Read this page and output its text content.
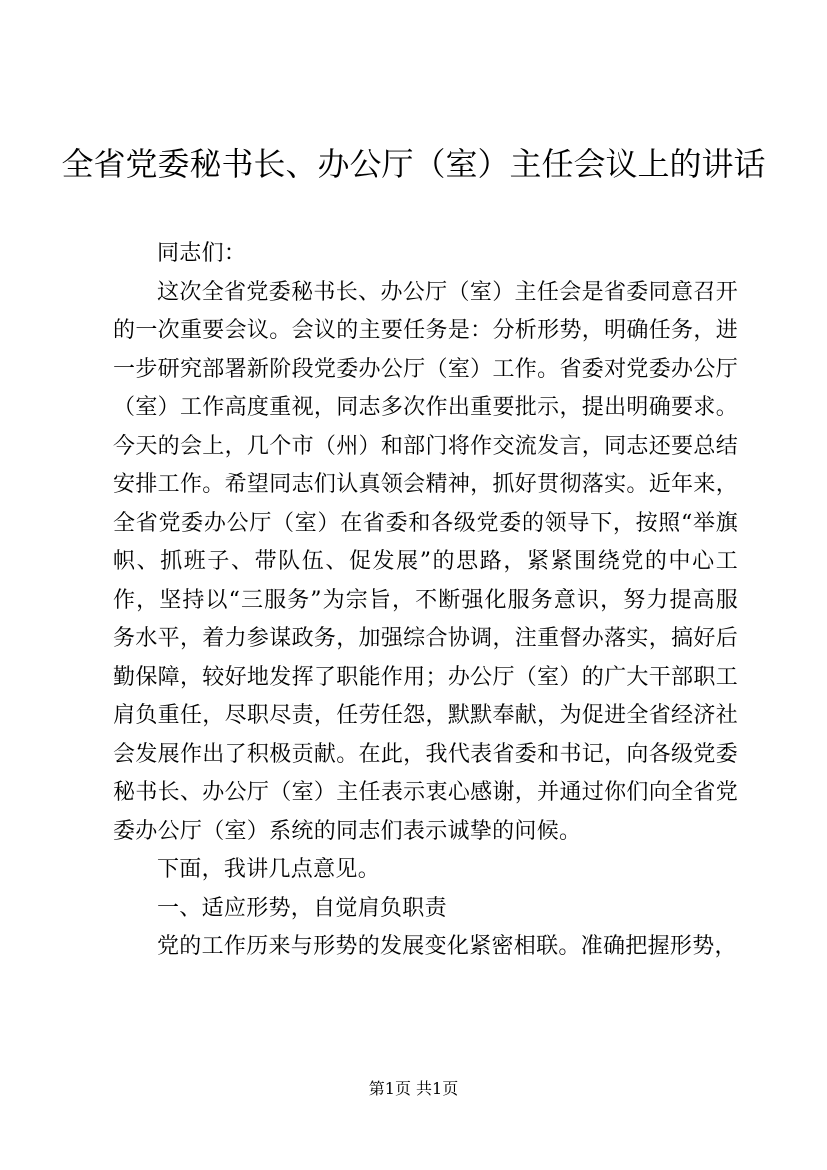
全省党委秘书长、办公厅（室）主任会议上的讲话

同志们：

这次全省党委秘书长、办公厅（室）主任会是省委同意召开的一次重要会议。会议的主要任务是：分析形势，明确任务，进一步研究部署新阶段党委办公厅（室）工作。省委对党委办公厅（室）工作高度重视，同志多次作出重要批示，提出明确要求。今天的会上，几个市（州）和部门将作交流发言，同志还要总结安排工作。希望同志们认真领会精神，抓好贯彻落实。近年来，全省党委办公厅（室）在省委和各级党委的领导下，按照“举旗帜、抓班子、带队伍、促发展”的思路，紧紧围绕党的中心工作，坚持以“三服务”为宗旨，不断强化服务意识，努力提高服务水平，着力参谋政务，加强综合协调，注重督办落实，搞好后勤保障，较好地发挥了职能作用；办公厅（室）的广大干部职工肩负重任，尽职尽责，任劳任怨，默默奉献，为促进全省经济社会发展作出了积极贡献。在此，我代表省委和书记，向各级党委秘书长、办公厅（室）主任表示衷心感谢，并通过你们向全省党委办公厅（室）系统的同志们表示诚挚的问候。

下面，我讲几点意见。

一、适应形势，自觉肩负职责

党的工作历来与形势的发展变化紧密相联。准确把握形势，

第1页 共1页
